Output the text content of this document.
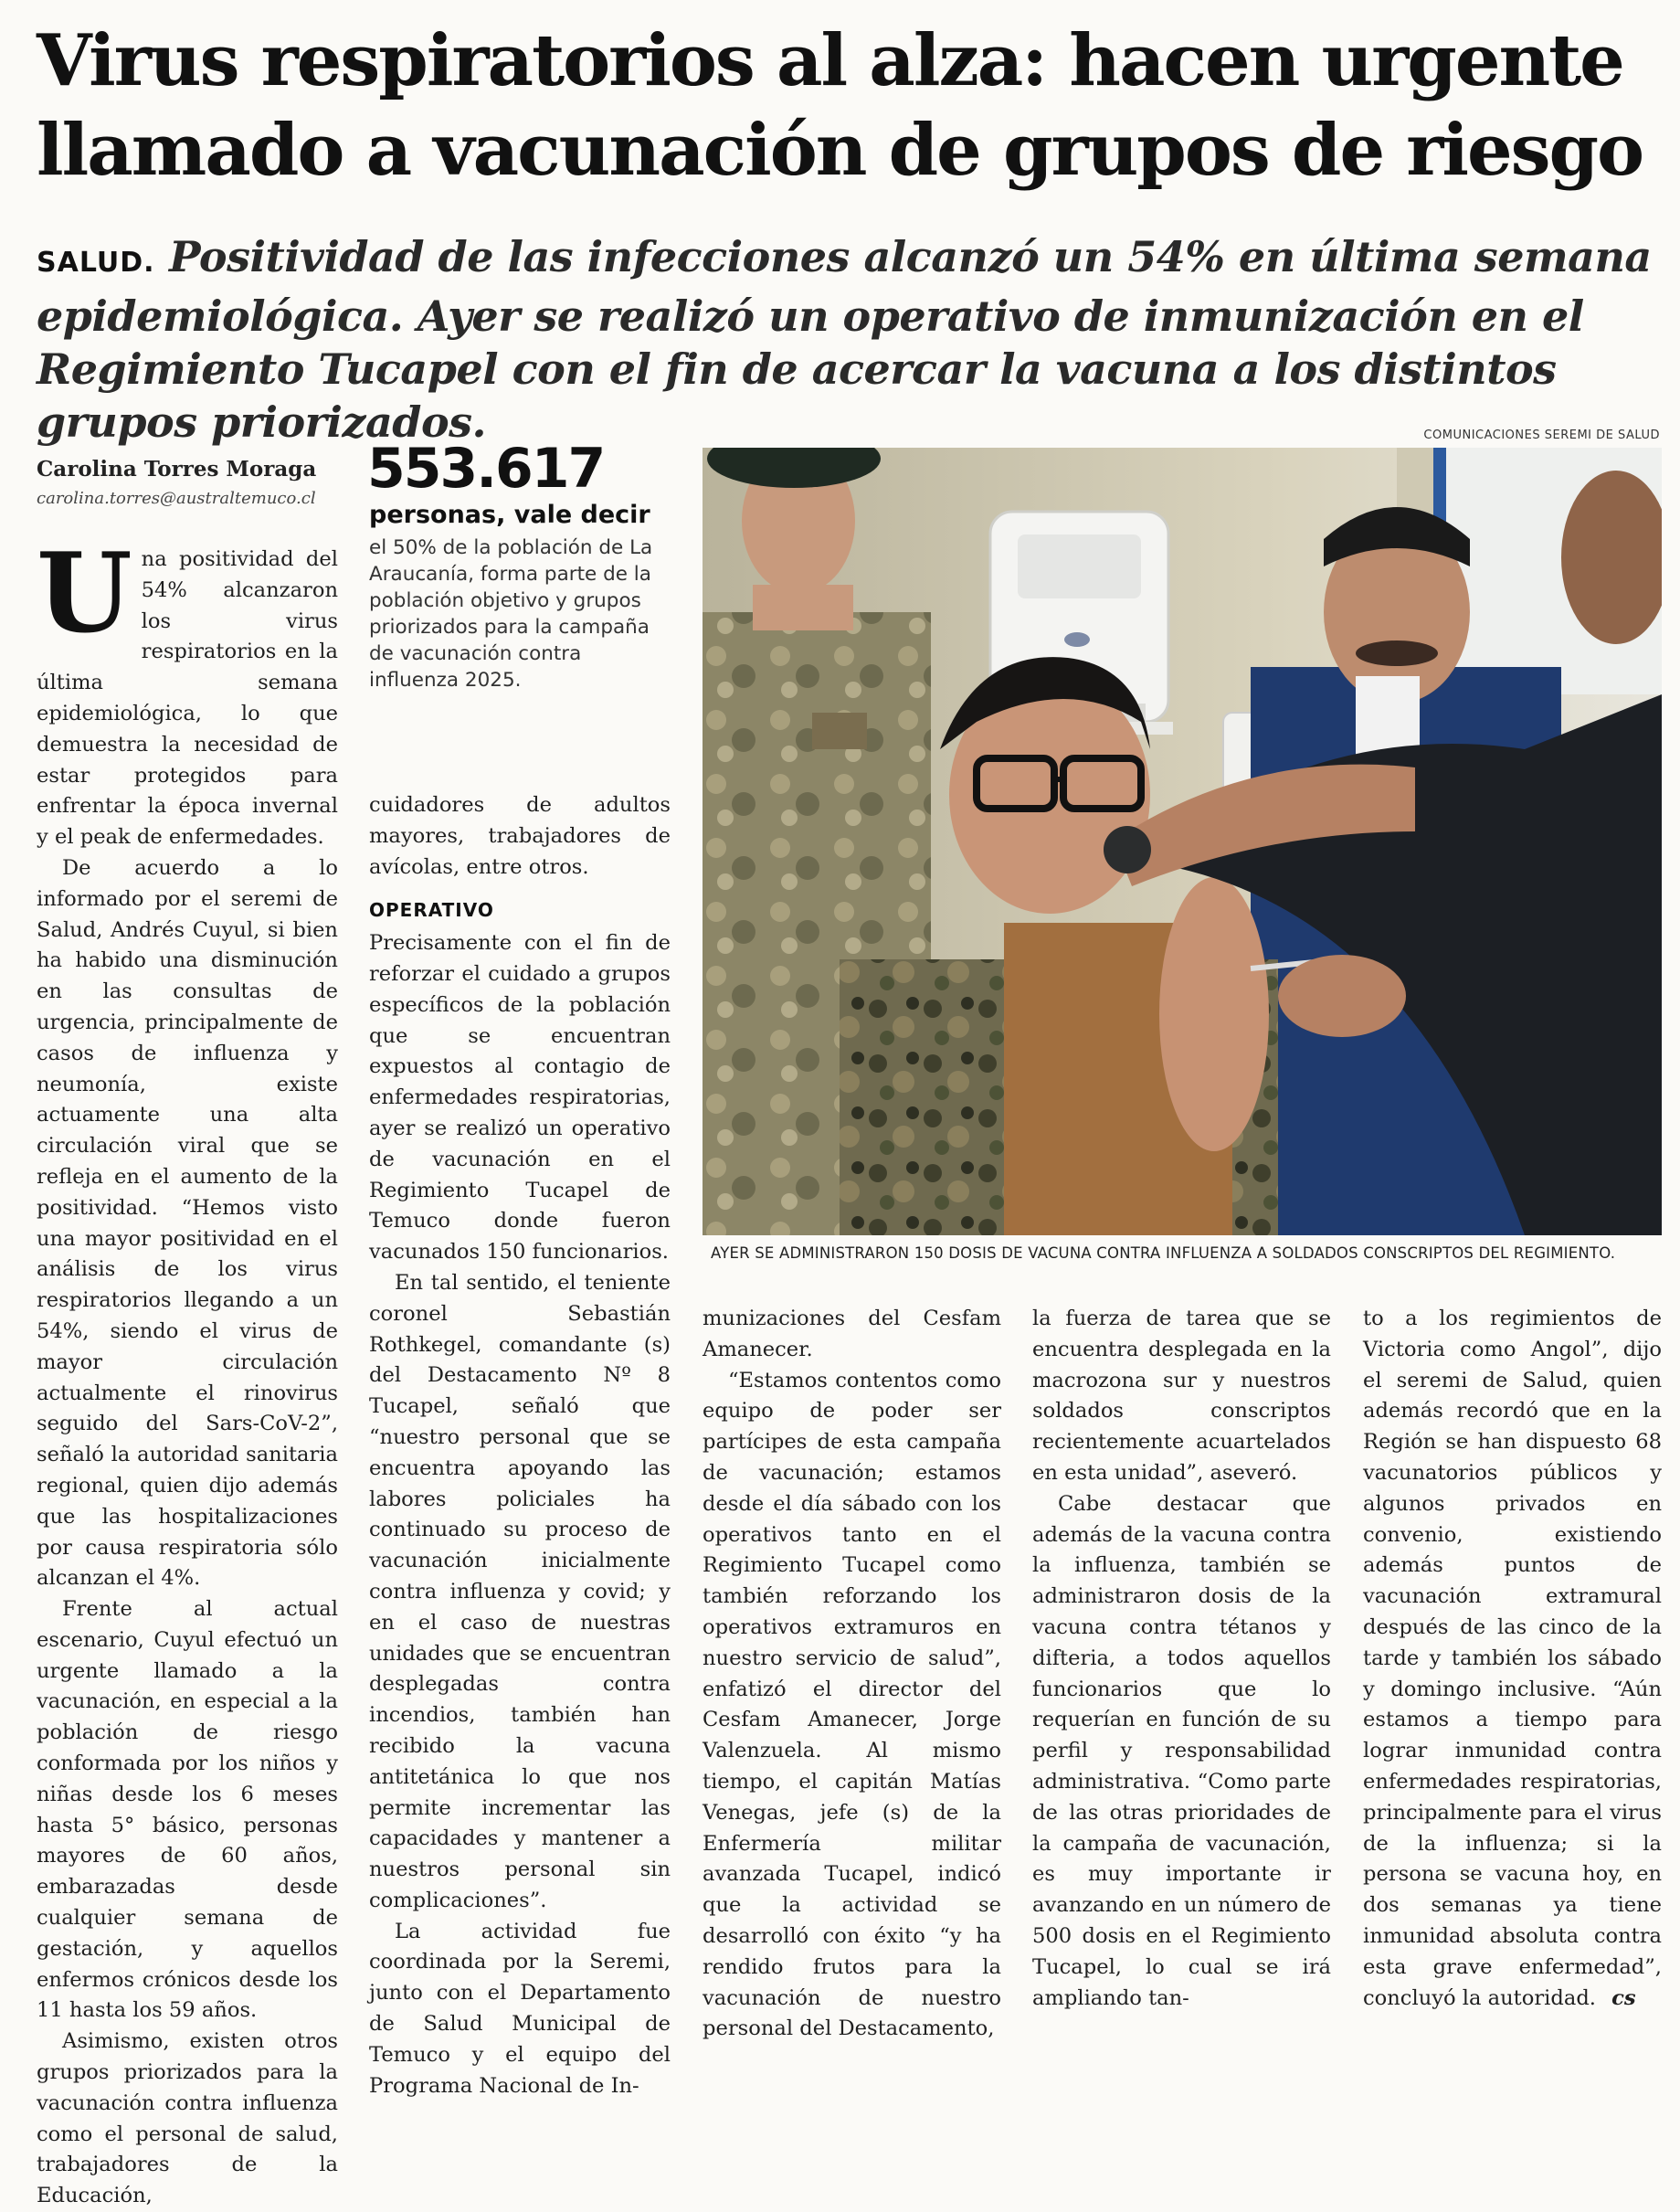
Virus respiratorios al alza: hacen urgente
llamado a vacunación de grupos de riesgo
SALUD. Positividad de las infecciones alcanzó un 54% en última semana epidemiológica. Ayer se realizó un operativo de inmunización en el Regimiento Tucapel con el fin de acercar la vacuna a los distintos grupos priorizados.
Carolina Torres Moraga
carolina.torres@australtemuco.cl 553.617
personas, vale decir
el 50% de la población de La Araucanía, forma parte de la población objetivo y grupos priorizados para la campaña de vacunación contra influenza 2025.
COMUNICACIONES SEREMI DE SALUD
AYER SE ADMINISTRARON 150 DOSIS DE VACUNA CONTRA INFLUENZA A SOLDADOS CONSCRIPTOS DEL REGIMIENTO.

Una positividad del 54% alcanzaron los virus respiratorios en la última semana epidemiológica, lo que demuestra la necesidad de estar protegidos para enfrentar la época invernal y el peak de enfermedades.

De acuerdo a lo informado por el seremi de Salud, Andrés Cuyul, si bien ha habido una disminución en las consultas de urgencia, principalmente de casos de influenza y neumonía, existe actuamente una alta circulación viral que se refleja en el aumento de la positividad. “Hemos visto una mayor positividad en el análisis de los virus respiratorios llegando a un 54%, siendo el virus de mayor circulación actualmente el rinovirus seguido del Sars-CoV-2”, señaló la autoridad sanitaria regional, quien dijo además que las hospitalizaciones por causa respiratoria sólo alcanzan el 4%.

Frente al actual escenario, Cuyul efectuó un urgente llamado a la vacunación, en especial a la población de riesgo conformada por los niños y niñas desde los 6 meses hasta 5° básico, personas mayores de 60 años, embarazadas desde cualquier semana de gestación, y aquellos enfermos crónicos desde los 11 hasta los 59 años.

Asimismo, existen otros grupos priorizados para la vacunación contra influenza como el personal de salud, trabajadores de la Educación,

cuidadores de adultos mayores, trabajadores de avícolas, entre otros.

OPERATIVO

Precisamente con el fin de reforzar el cuidado a grupos específicos de la población que se encuentran expuestos al contagio de enfermedades respiratorias, ayer se realizó un operativo de vacunación en el Regimiento Tucapel de Temuco donde fueron vacunados 150 funcionarios.

En tal sentido, el teniente coronel Sebastián Rothkegel, comandante (s) del Destacamento Nº 8 Tucapel, señaló que “nuestro personal que se encuentra apoyando las labores policiales ha continuado su proceso de vacunación inicialmente contra influenza y covid; y en el caso de nuestras unidades que se encuentran desplegadas contra incendios, también han recibido la vacuna antitetánica lo que nos permite incrementar las capacidades y mantener a nuestros personal sin complicaciones”.

La actividad fue coordinada por la Seremi, junto con el Departamento de Salud Municipal de Temuco y el equipo del Programa Nacional de In-

munizaciones del Cesfam Amanecer.

“Estamos contentos como equipo de poder ser partícipes de esta campaña de vacunación; estamos desde el día sábado con los operativos tanto en el Regimiento Tucapel como también reforzando los operativos extramuros en nuestro servicio de salud”, enfatizó el director del Cesfam Amanecer, Jorge Valenzuela. Al mismo tiempo, el capitán Matías Venegas, jefe (s) de la Enfermería militar avanzada Tucapel, indicó que la actividad se desarrolló con éxito “y ha rendido frutos para la vacunación de nuestro personal del Destacamento,

la fuerza de tarea que se encuentra desplegada en la macrozona sur y nuestros soldados conscriptos recientemente acuartelados en esta unidad”, aseveró.

Cabe destacar que además de la vacuna contra la influenza, también se administraron dosis de la vacuna contra tétanos y difteria, a todos aquellos funcionarios que lo requerían en función de su perfil y responsabilidad administrativa. “Como parte de las otras prioridades de la campaña de vacunación, es muy importante ir avanzando en un número de 500 dosis en el Regimiento Tucapel, lo cual se irá ampliando tan-

to a los regimientos de Victoria como Angol”, dijo el seremi de Salud, quien además recordó que en la Región se han dispuesto 68 vacunatorios públicos y algunos privados en convenio, existiendo además puntos de vacunación extramural después de las cinco de la tarde y también los sábado y domingo inclusive. “Aún estamos a tiempo para lograr inmunidad contra enfermedades respiratorias, principalmente para el virus de la influenza; si la persona se vacuna hoy, en dos semanas ya tiene inmunidad absoluta contra esta grave enfermedad”, concluyó la autoridad. cs
